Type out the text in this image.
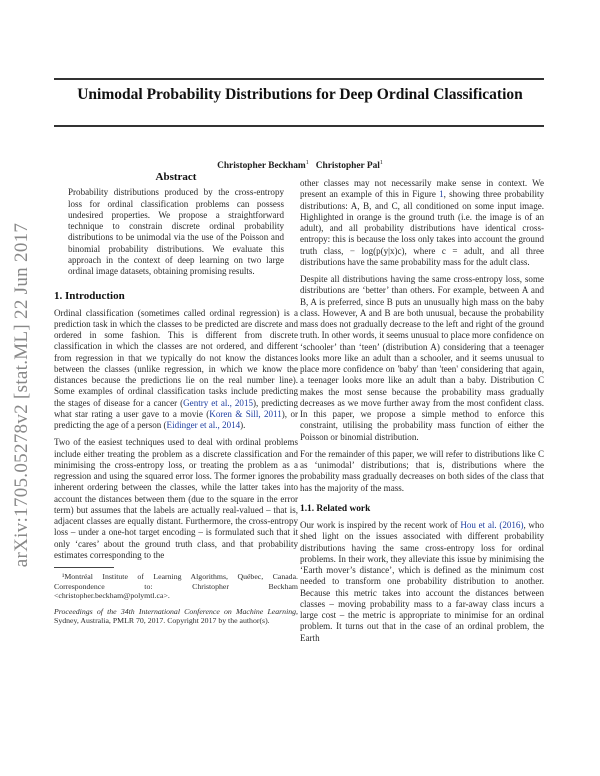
arXiv:1705.05278v2 [stat.ML] 22 Jun 2017
Unimodal Probability Distributions for Deep Ordinal Classification
Christopher Beckham$^1$ Christopher Pal$^1$
Abstract
Probability distributions produced by the cross-entropy loss for ordinal classification problems can possess undesired properties. We propose a straightforward technique to constrain discrete ordinal probability distributions to be unimodal via the use of the Poisson and binomial probability distributions. We evaluate this approach in the context of deep learning on two large ordinal image datasets, obtaining promising results.
1. Introduction

Ordinal classification (sometimes called ordinal regression) is a prediction task in which the classes to be predicted are discrete and ordered in some fashion. This is different from discrete classification in which the classes are not ordered, and different from regression in that we typically do not know the distances between the classes (unlike regression, in which we know the distances because the predictions lie on the real number line). Some examples of ordinal classification tasks include predicting the stages of disease for a cancer (Gentry et al., 2015), predicting what star rating a user gave to a movie (Koren & Sill, 2011), or predicting the age of a person (Eidinger et al., 2014).

Two of the easiest techniques used to deal with ordinal problems include either treating the problem as a discrete classification and minimising the cross-entropy loss, or treating the problem as a regression and using the squared error loss. The former ignores the inherent ordering between the classes, while the latter takes into account the distances between them (due to the square in the error term) but assumes that the labels are actually real-valued – that is, adjacent classes are equally distant. Furthermore, the cross-entropy loss – under a one-hot target encoding – is formulated such that it only ‘cares’ about the ground truth class, and that probability estimates corresponding to the

¹Montréal Institute of Learning Algorithms, Québec, Canada. Correspondence to: Christopher Beckham <christopher.beckham@polymtl.ca>.

Proceedings of the 34th International Conference on Machine Learning, Sydney, Australia, PMLR 70, 2017. Copyright 2017 by the author(s).

other classes may not necessarily make sense in context. We present an example of this in Figure 1, showing three probability distributions: A, B, and C, all conditioned on some input image. Highlighted in orange is the ground truth (i.e. the image is of an adult), and all probability distributions have identical cross-entropy: this is because the loss only takes into account the ground truth class, − log(p(y|x)c), where c = adult, and all three distributions have the same probability mass for the adult class.

Despite all distributions having the same cross-entropy loss, some distributions are ‘better’ than others. For example, between A and B, A is preferred, since B puts an unusually high mass on the baby class. However, A and B are both unusual, because the probability mass does not gradually decrease to the left and right of the ground truth. In other words, it seems unusual to place more confidence on ‘schooler’ than ‘teen’ (distribution A) considering that a teenager looks more like an adult than a schooler, and it seems unusual to place more confidence on 'baby' than 'teen' considering that again, a teenager looks more like an adult than a baby. Distribution C makes the most sense because the probability mass gradually decreases as we move further away from the most confident class. In this paper, we propose a simple method to enforce this constraint, utilising the probability mass function of either the Poisson or binomial distribution.

For the remainder of this paper, we will refer to distributions like C as ‘unimodal’ distributions; that is, distributions where the probability mass gradually decreases on both sides of the class that has the majority of the mass.

1.1. Related work

Our work is inspired by the recent work of Hou et al. (2016), who shed light on the issues associated with different probability distributions having the same cross-entropy loss for ordinal problems. In their work, they alleviate this issue by minimising the ‘Earth mover’s distance’, which is defined as the minimum cost needed to transform one probability distribution to another. Because this metric takes into account the distances between classes – moving probability mass to a far-away class incurs a large cost – the metric is appropriate to minimise for an ordinal problem. It turns out that in the case of an ordinal problem, the Earth
